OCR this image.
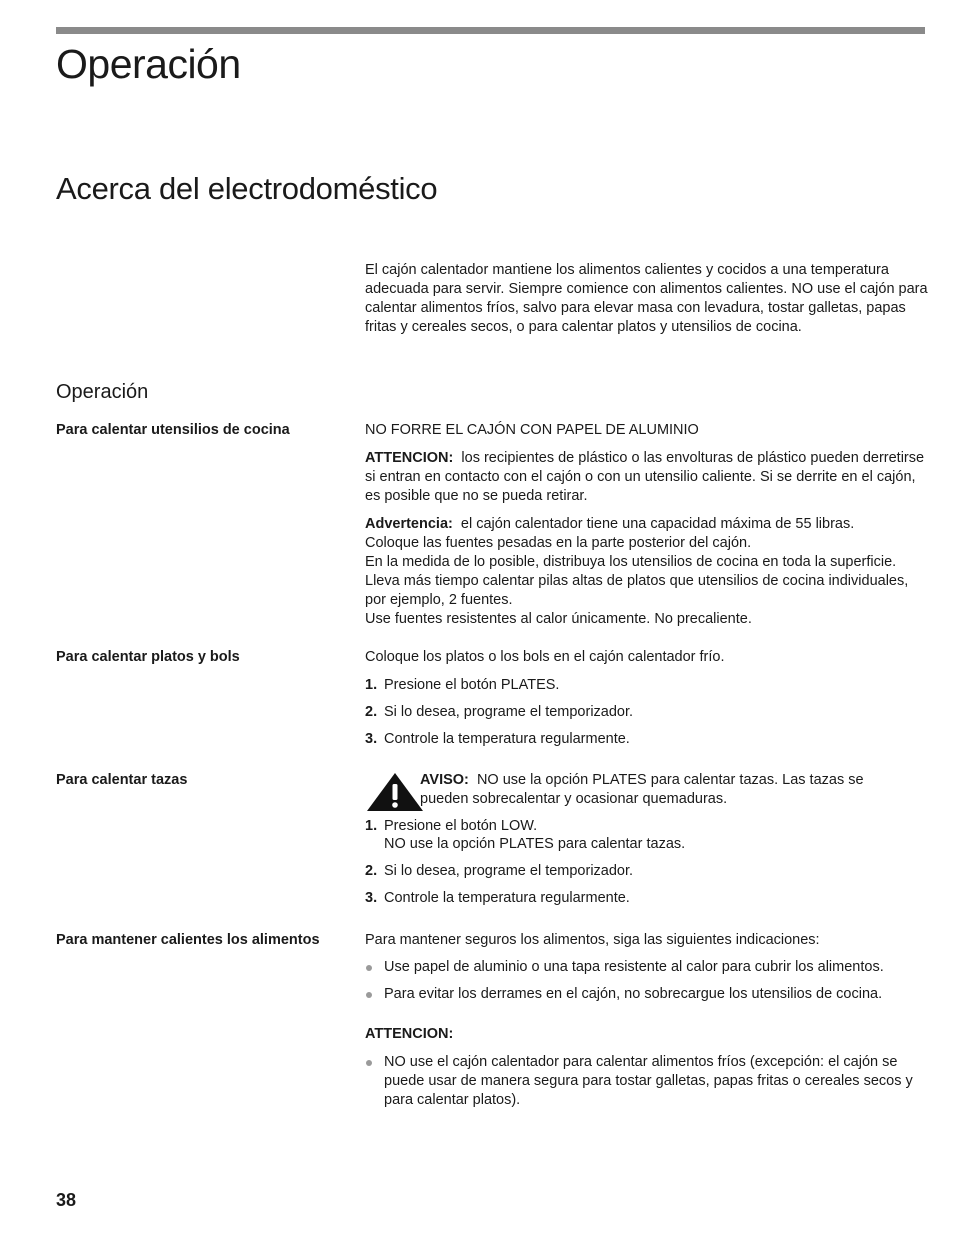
Operación
Acerca del electrodoméstico
El cajón calentador mantiene los alimentos calientes y cocidos a una temperatura adecuada para servir. Siempre comience con alimentos calientes. NO use el cajón para calentar alimentos fríos, salvo para elevar masa con levadura, tostar galletas, papas fritas y cereales secos, o para calentar platos y utensilios de cocina.
Operación
Para calentar utensilios de cocina	NO FORRE EL CAJÓN CON PAPEL DE ALUMINIO

ATTENCION: los recipientes de plástico o las envolturas de plástico pueden derretirse si entran en contacto con el cajón o con un utensilio caliente. Si se derrite en el cajón, es posible que no se pueda retirar.

Advertencia: el cajón calentador tiene una capacidad máxima de 55 libras.

Coloque las fuentes pesadas en la parte posterior del cajón.

En la medida de lo posible, distribuya los utensilios de cocina en toda la superficie.

Lleva más tiempo calentar pilas altas de platos que utensilios de cocina individuales, por ejemplo, 2 fuentes.

Use fuentes resistentes al calor únicamente. No precaliente.

Para calentar platos y bols	Coloque los platos o los bols en el cajón calentador frío.
1. Presione el botón PLATES.
2. Si lo desea, programe el temporizador.
3. Controle la temperatura regularmente.
Para calentar tazas	AVISO: NO use la opción PLATES para calentar tazas. Las tazas se pueden sobrecalentar y ocasionar quemaduras.
1. Presione el botón LOW.
NO use la opción PLATES para calentar tazas.
2. Si lo desea, programe el temporizador.
3. Controle la temperatura regularmente.
Para mantener calientes los alimentos	Para mantener seguros los alimentos, siga las siguientes indicaciones:
Use papel de aluminio o una tapa resistente al calor para cubrir los alimentos.
Para evitar los derrames en el cajón, no sobrecargue los utensilios de cocina.
ATTENCION:
NO use el cajón calentador para calentar alimentos fríos (excepción: el cajón se puede usar de manera segura para tostar galletas, papas fritas o cereales secos y para calentar platos).
38
